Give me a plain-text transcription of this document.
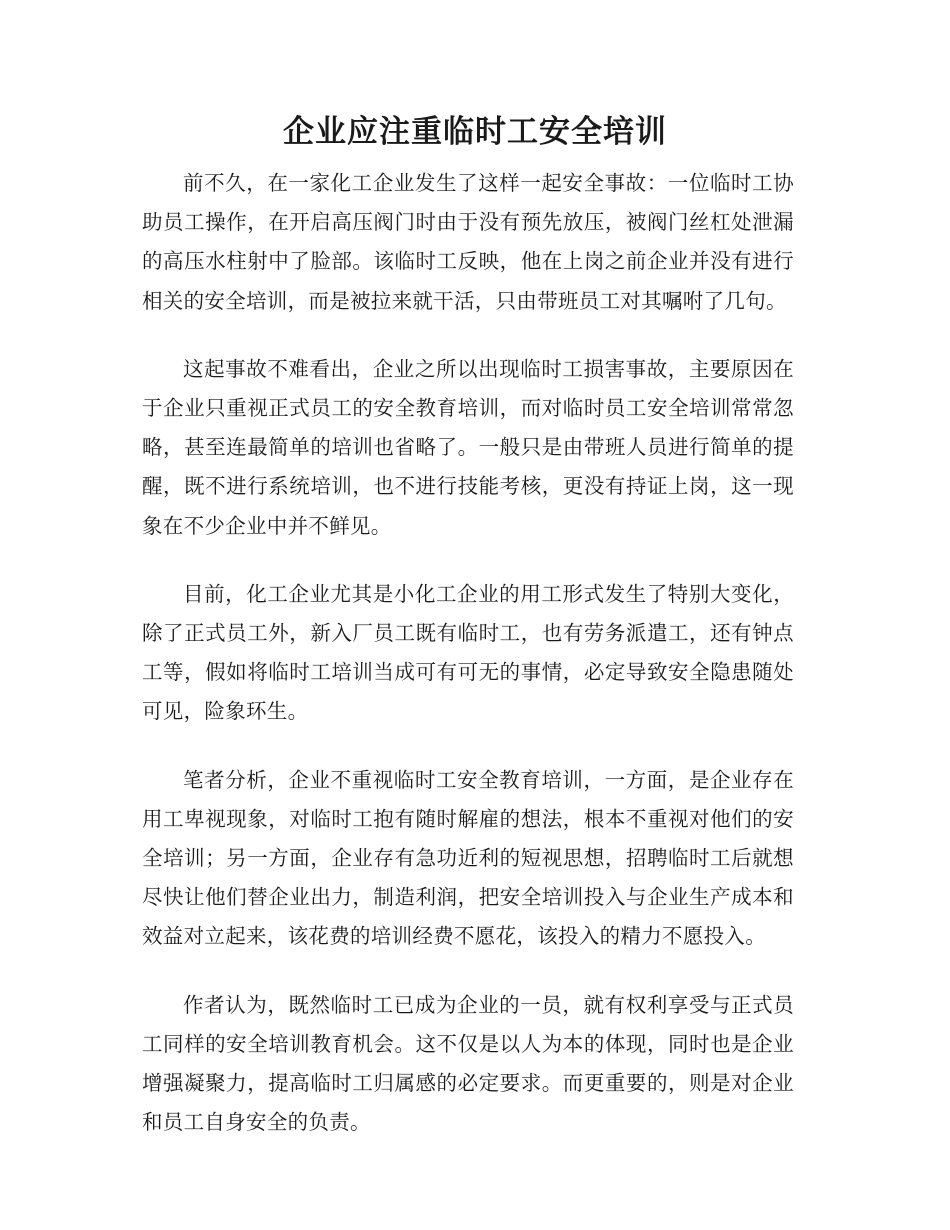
企业应注重临时工安全培训

前不久，在一家化工企业发生了这样一起安全事故：一位临时工协助员工操作，在开启高压阀门时由于没有预先放压，被阀门丝杠处泄漏的高压水柱射中了脸部。该临时工反映，他在上岗之前企业并没有进行相关的安全培训，而是被拉来就干活，只由带班员工对其嘱咐了几句。

这起事故不难看出，企业之所以出现临时工损害事故，主要原因在于企业只重视正式员工的安全教育培训，而对临时员工安全培训常常忽略，甚至连最简单的培训也省略了。一般只是由带班人员进行简单的提醒，既不进行系统培训，也不进行技能考核，更没有持证上岗，这一现象在不少企业中并不鲜见。

目前，化工企业尤其是小化工企业的用工形式发生了特别大变化，除了正式员工外，新入厂员工既有临时工，也有劳务派遣工，还有钟点工等，假如将临时工培训当成可有可无的事情，必定导致安全隐患随处可见，险象环生。

笔者分析，企业不重视临时工安全教育培训，一方面，是企业存在用工卑视现象，对临时工抱有随时解雇的想法，根本不重视对他们的安全培训；另一方面，企业存有急功近利的短视思想，招聘临时工后就想尽快让他们替企业出力，制造利润，把安全培训投入与企业生产成本和效益对立起来，该花费的培训经费不愿花，该投入的精力不愿投入。

作者认为，既然临时工已成为企业的一员，就有权利享受与正式员工同样的安全培训教育机会。这不仅是以人为本的体现，同时也是企业增强凝聚力，提高临时工归属感的必定要求。而更重要的，则是对企业和员工自身安全的负责。
